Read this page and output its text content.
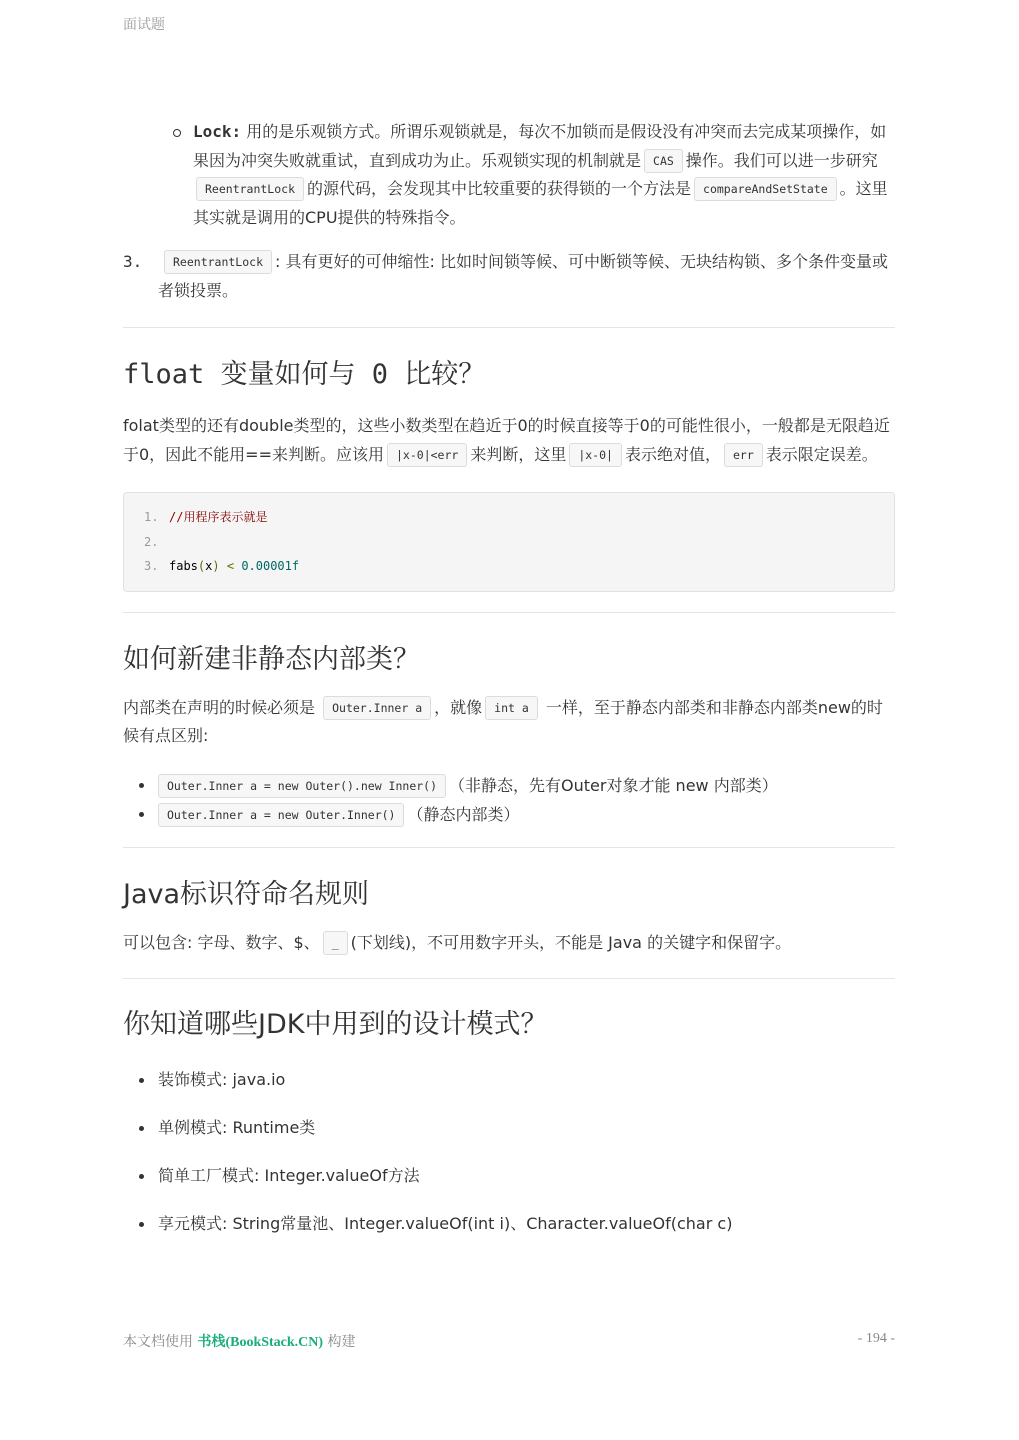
面试题
Lock: 用的是乐观锁方式。所谓乐观锁就是，每次不加锁而是假设没有冲突而去完成某项操作，如果因为冲突失败就重试，直到成功为止。乐观锁实现的机制就是 CAS 操作。我们可以进一步研究ReentrantLock 的源代码，会发现其中比较重要的获得锁的一个方法是 compareAndSetState 。这里其实就是调用的CPU提供的特殊指令。
3.	ReentrantLock : 具有更好的可伸缩性: 比如时间锁等候、可中断锁等候、无块结构锁、多个条件变量或者锁投票。
float 变量如何与 0 比较？

folat类型的还有double类型的，这些小数类型在趋近于0的时候直接等于0的可能性很小，一般都是无限趋近于0，因此不能用==来判断。应该用 |x-0|<err 来判断，这里 |x-0| 表示绝对值， err 表示限定误差。

1. //用程序表示就是
2.
3. fabs(x) < 0.00001f
如何新建非静态内部类？

内部类在声明的时候必须是 Outer.Inner a ，就像 int a 一样，至于静态内部类和非静态内部类new的时候有点区别:

Outer.Inner a = new Outer().new Inner() （非静态，先有Outer对象才能 new 内部类）
Outer.Inner a = new Outer.Inner() （静态内部类）
Java标识符命名规则

可以包含: 字母、数字、$、 _ (下划线)，不可用数字开头，不能是 Java 的关键字和保留字。

你知道哪些JDK中用到的设计模式？
装饰模式: java.io
单例模式: Runtime类
简单工厂模式: Integer.valueOf方法
享元模式: String常量池、Integer.valueOf(int i)、Character.valueOf(char c)
本文档使用 书栈(BookStack.CN) 构建	- 194 -
